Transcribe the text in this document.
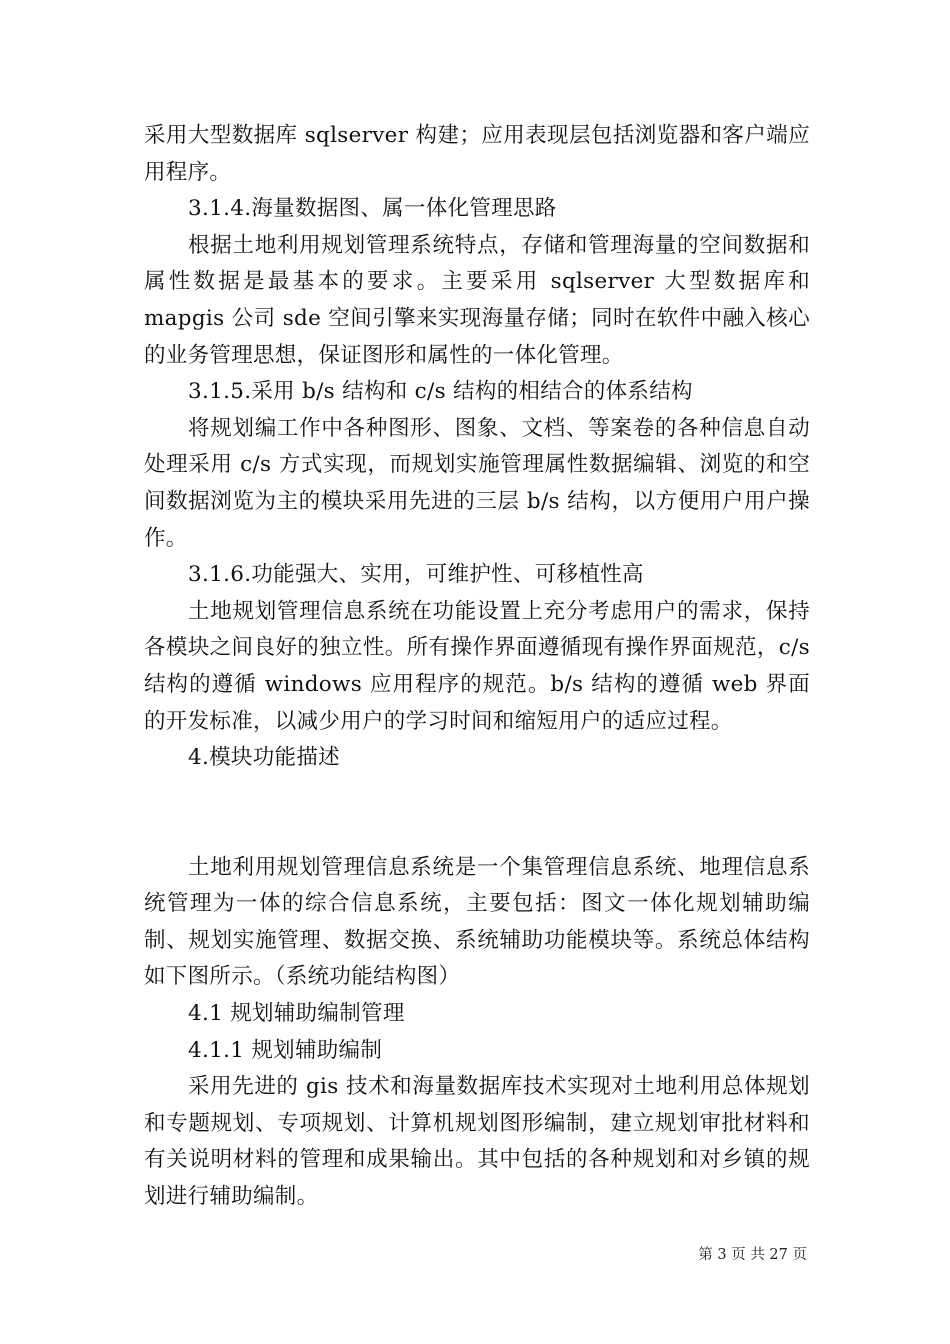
采用大型数据库 sqlserver 构建；应用表现层包括浏览器和客户端应用程序。

3.1.4.海量数据图、属一体化管理思路

根据土地利用规划管理系统特点，存储和管理海量的空间数据和属性数据是最基本的要求。主要采用 sqlserver 大型数据库和 mapgis 公司 sde 空间引擎来实现海量存储；同时在软件中融入核心的业务管理思想，保证图形和属性的一体化管理。

3.1.5.采用 b/s 结构和 c/s 结构的相结合的体系结构

将规划编工作中各种图形、图象、文档、等案卷的各种信息自动处理采用 c/s 方式实现，而规划实施管理属性数据编辑、浏览的和空间数据浏览为主的模块采用先进的三层 b/s 结构，以方便用户用户操作。

3.1.6.功能强大、实用，可维护性、可移植性高

土地规划管理信息系统在功能设置上充分考虑用户的需求，保持各模块之间良好的独立性。所有操作界面遵循现有操作界面规范，c/s 结构的遵循 windows 应用程序的规范。b/s 结构的遵循 web 界面的开发标准，以减少用户的学习时间和缩短用户的适应过程。

4.模块功能描述

土地利用规划管理信息系统是一个集管理信息系统、地理信息系统管理为一体的综合信息系统，主要包括：图文一体化规划辅助编制、规划实施管理、数据交换、系统辅助功能模块等。系统总体结构如下图所示。（系统功能结构图）

4.1 规划辅助编制管理

4.1.1 规划辅助编制

采用先进的 gis 技术和海量数据库技术实现对土地利用总体规划和专题规划、专项规划、计算机规划图形编制，建立规划审批材料和有关说明材料的管理和成果输出。其中包括的各种规划和对乡镇的规划进行辅助编制。

第 3 页 共 27 页
